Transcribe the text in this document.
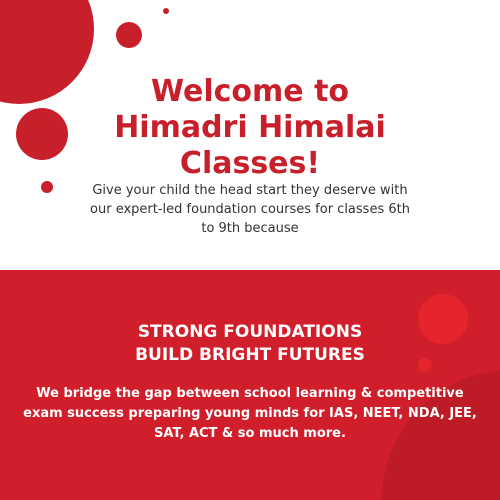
Welcome to
Himadri Himalai
Classes!

Give your child the head start they deserve with our expert-led foundation courses for classes 6th to 9th because

STRONG FOUNDATIONS
BUILD BRIGHT FUTURES

We bridge the gap between school learning & competitive exam success preparing young minds for IAS, NEET, NDA, JEE, SAT, ACT & so much more.
